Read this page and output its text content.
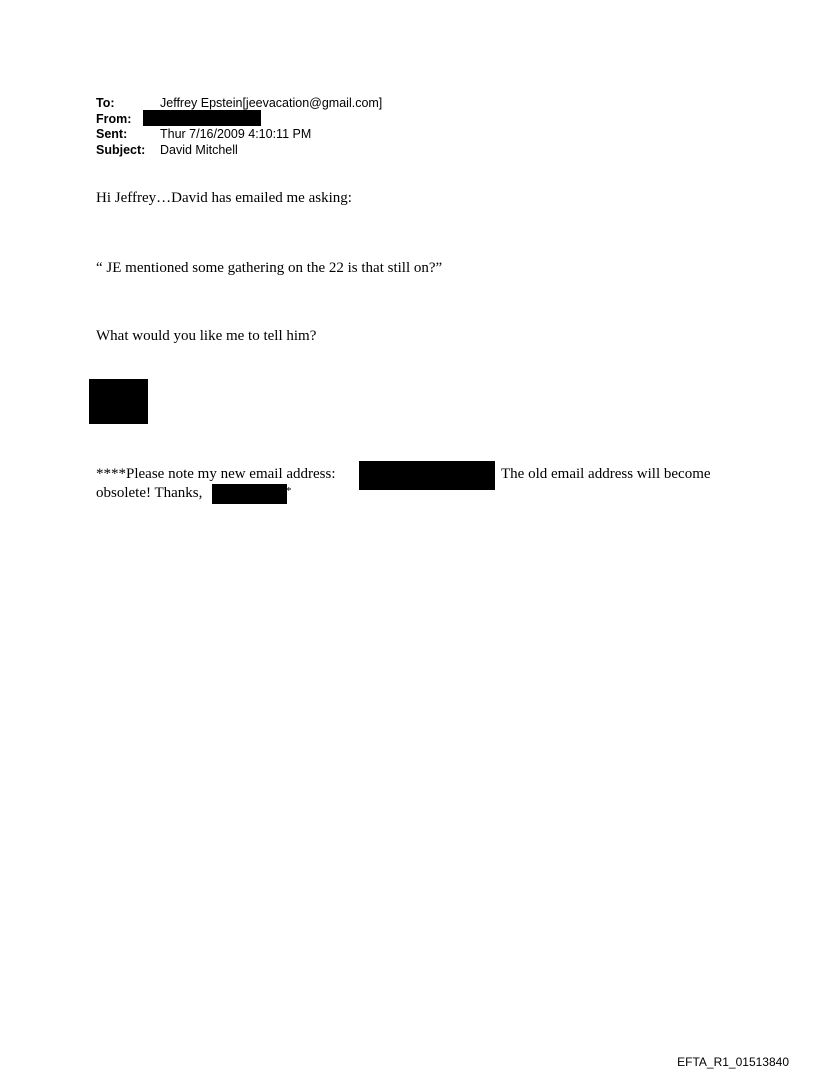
To:	Jeffrey Epstein[jeevacation@gmail.com]
From:
Sent:	Thur 7/16/2009 4:10:11 PM
Subject: David Mitchell
Hi Jeffrey…David has emailed me asking:
“ JE mentioned some gathering on the 22 is that still on?”
What would you like me to tell him?
****Please note my new email address:	The old email address will become
obsolete! Thanks,	*
EFTA_R1_01513840
